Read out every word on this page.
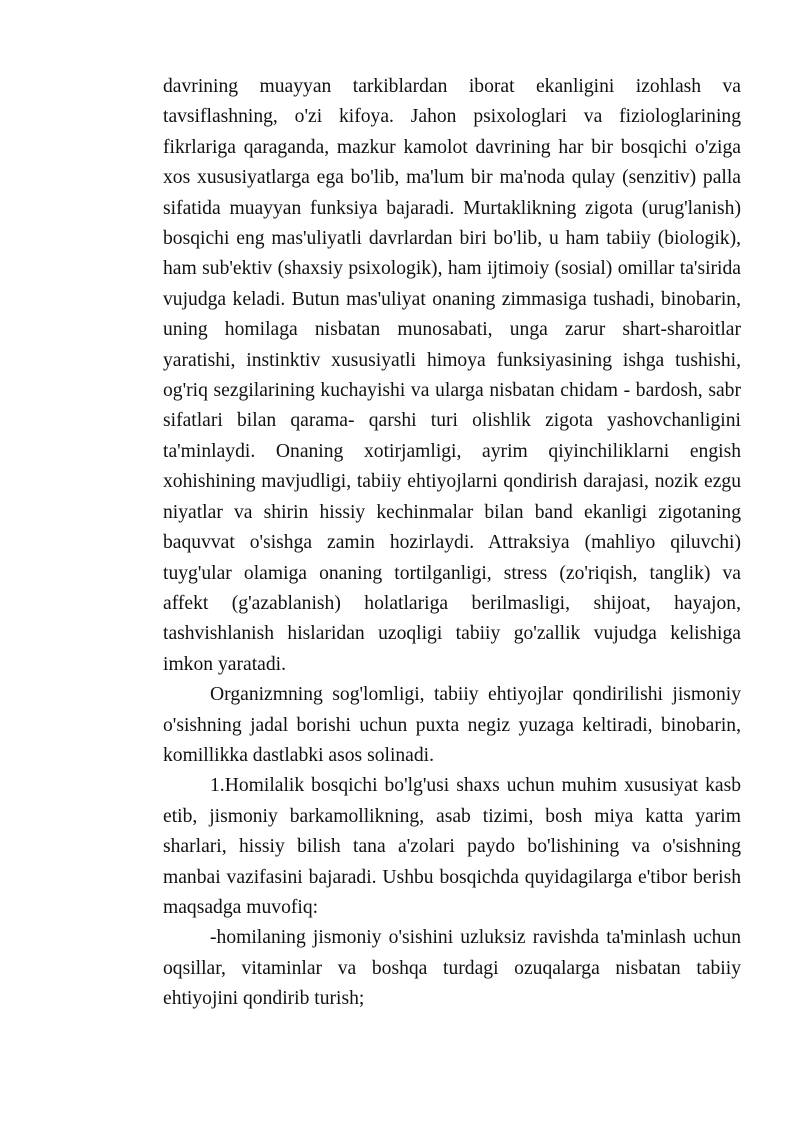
davrining muayyan tarkiblardan iborat ekanligini izohlash va tavsiflashning, o'zi kifoya. Jahon psixologlari va fiziologlarining fikrlariga qaraganda, mazkur kamolot davrining har bir bosqichi o'ziga xos xususiyatlarga ega bo'lib, ma'lum bir ma'noda qulay (senzitiv) palla sifatida muayyan funksiya bajaradi. Murtaklikning zigota (urug'lanish) bosqichi eng mas'uliyatli davrlardan biri bo'lib, u ham tabiiy (biologik), ham sub'ektiv (shaxsiy psixologik), ham ijtimoiy (sosial) omillar ta'sirida vujudga keladi. Butun mas'uliyat onaning zimmasiga tushadi, binobarin, uning homilaga nisbatan munosabati, unga zarur shart-sharoitlar yaratishi, instinktiv xususiyatli himoya funksiyasining ishga tushishi, og'riq sezgilarining kuchayishi va ularga nisbatan chidam - bardosh, sabr sifatlari bilan qarama- qarshi turi olishlik zigota yashovchanligini ta'minlaydi. Onaning xotirjamligi, ayrim qiyinchiliklarni engish xohishining mavjudligi, tabiiy ehtiyojlarni qondirish darajasi, nozik ezgu niyatlar va shirin hissiy kechinmalar bilan band ekanligi zigotaning baquvvat o'sishga zamin hozirlaydi. Attraksiya (mahliyo qiluvchi) tuyg'ular olamiga onaning tortilganligi, stress (zo'riqish, tanglik) va affekt (g'azablanish) holatlariga berilmasligi, shijoat, hayajon, tashvishlanish hislaridan uzoqligi tabiiy go'zallik vujudga kelishiga imkon yaratadi.

Organizmning sog'lomligi, tabiiy ehtiyojlar qondirilishi jismoniy o'sishning jadal borishi uchun puxta negiz yuzaga keltiradi, binobarin, komillikka dastlabki asos solinadi.

1.Homilalik bosqichi bo'lg'usi shaxs uchun muhim xususiyat kasb etib, jismoniy barkamollikning, asab tizimi, bosh miya katta yarim sharlari, hissiy bilish tana a'zolari paydo bo'lishining va o'sishning manbai vazifasini bajaradi. Ushbu bosqichda quyidagilarga e'tibor berish maqsadga muvofiq:

-homilaning jismoniy o'sishini uzluksiz ravishda ta'minlash uchun oqsillar, vitaminlar va boshqa turdagi ozuqalarga nisbatan tabiiy ehtiyojini qondirib turish;
